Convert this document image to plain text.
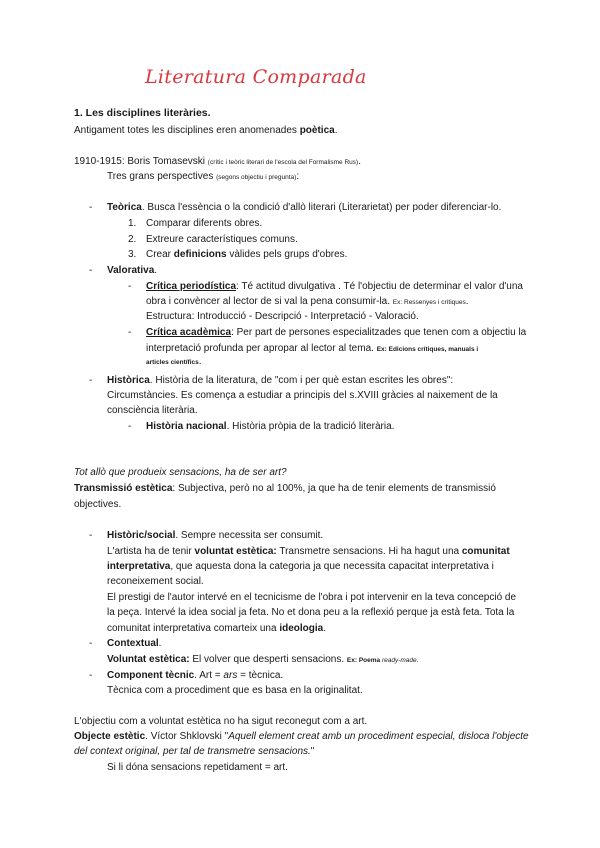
Literatura Comparada
1. Les disciplines literàries.
Antigament totes les disciplines eren anomenades poètica.
1910-1915: Boris Tomasevski (crític i teòric literari de l'escola del Formalisme Rus).
Tres grans perspectives (segons objectiu i pregunta):
- Teòrica. Busca l'essència o la condició d'allò literari (Literarietat) per poder diferenciar-lo.
1. Comparar diferents obres.
2. Extreure característiques comuns.
3. Crear definicions vàlides pels grups d'obres.
- Valorativa.
- Crítica periodística: Té actitud divulgativa . Té l'objectiu de determinar el valor d'una
obra i convèncer al lector de si val la pena consumir-la. Ex: Ressenyes i crítiques.
Estructura: Introducció - Descripció - Interpretació - Valoració.
- Crítica acadèmica: Per part de persones especialitzades que tenen com a objectiu la
interpretació profunda per apropar al lector al tema. Ex: Edicions crítiques, manuals i
articles científics.
- Històrica. Història de la literatura, de "com i per què estan escrites les obres":
Circumstàncies. Es comença a estudiar a principis del s.XVIII gràcies al naixement de la
consciència literària.
- Història nacional. Història pròpia de la tradició literària.
Tot allò que produeix sensacions, ha de ser art?
Transmissió estètica: Subjectiva, però no al 100%, ja que ha de tenir elements de transmissió
objectives.
- Històric/social. Sempre necessita ser consumit.
L'artista ha de tenir voluntat estètica: Transmetre sensacions. Hi ha hagut una comunitat
interpretativa, que aquesta dona la categoria ja que necessita capacitat interpretativa i
reconeixement social.
El prestigi de l'autor intervé en el tecnicisme de l'obra i pot intervenir en la teva concepció de
la peça. Intervé la idea social ja feta. No et dona peu a la reflexió perque ja està feta. Tota la
comunitat interpretativa comarteix una ideologia.
- Contextual.
Voluntat estètica: El volver que desperti sensacions. Ex: Poema ready-made.
- Component tècnic. Art = ars = tècnica.
Tècnica com a procediment que es basa en la originalitat.
L'objectiu com a voluntat estètica no ha sigut reconegut com a art.
Objecte estètic. Víctor Shklovski "Aquell element creat amb un procediment especial, disloca l'objecte
del context original, per tal de transmetre sensacions."
Si li dóna sensacions repetidament = art.
